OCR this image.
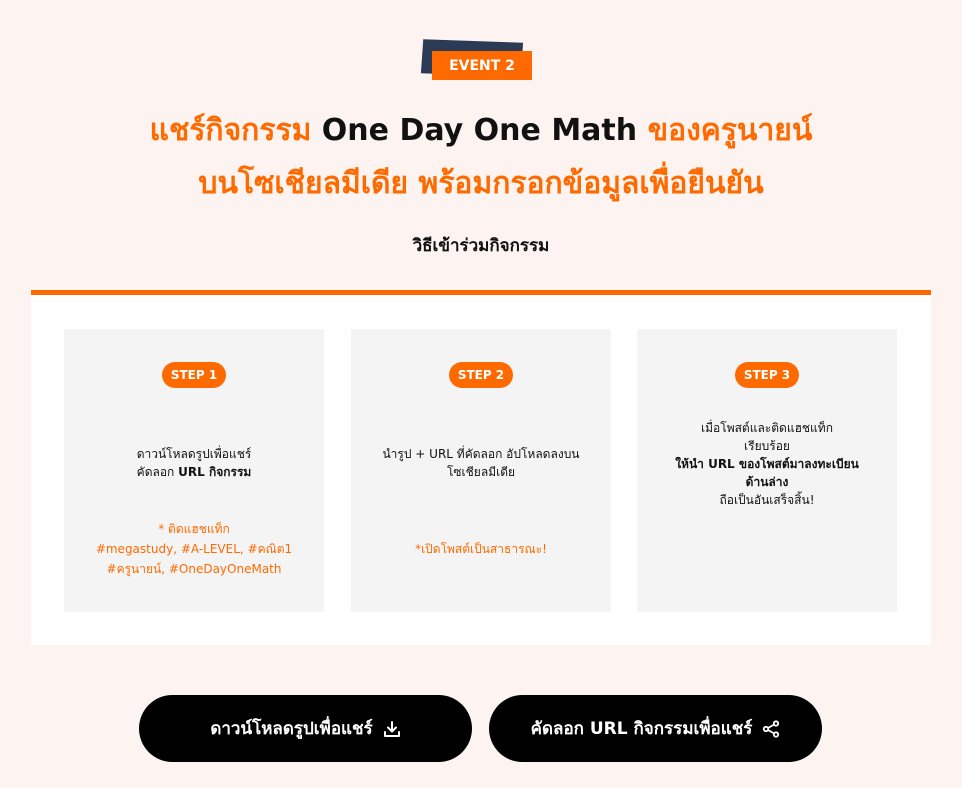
EVENT 2
แชร์กิจกรรม One Day One Math ของครูนายน์
บนโซเชียลมีเดีย พร้อมกรอกข้อมูลเพื่อยืนยัน
วิธีเข้าร่วมกิจกรรม
STEP 1
ดาวน์โหลดรูปเพื่อแชร์
คัดลอก URL กิจกรรม
* ติดแฮชแท็ก
#megastudy, #A-LEVEL, #คณิต1
#ครูนายน์, #OneDayOneMath
STEP 2
นำรูป + URL ที่คัดลอก อัปโหลดลงบน
โซเชียลมีเดีย
*เปิดโพสต์เป็นสาธารณะ!
STEP 3
เมื่อโพสต์และติดแฮชแท็ก
เรียบร้อย
ให้นำ URL ของโพสต์มาลงทะเบียน
ด้านล่าง
ถือเป็นอันเสร็จสิ้น!
ดาวน์โหลดรูปเพื่อแชร์	คัดลอก URL กิจกรรมเพื่อแชร์
